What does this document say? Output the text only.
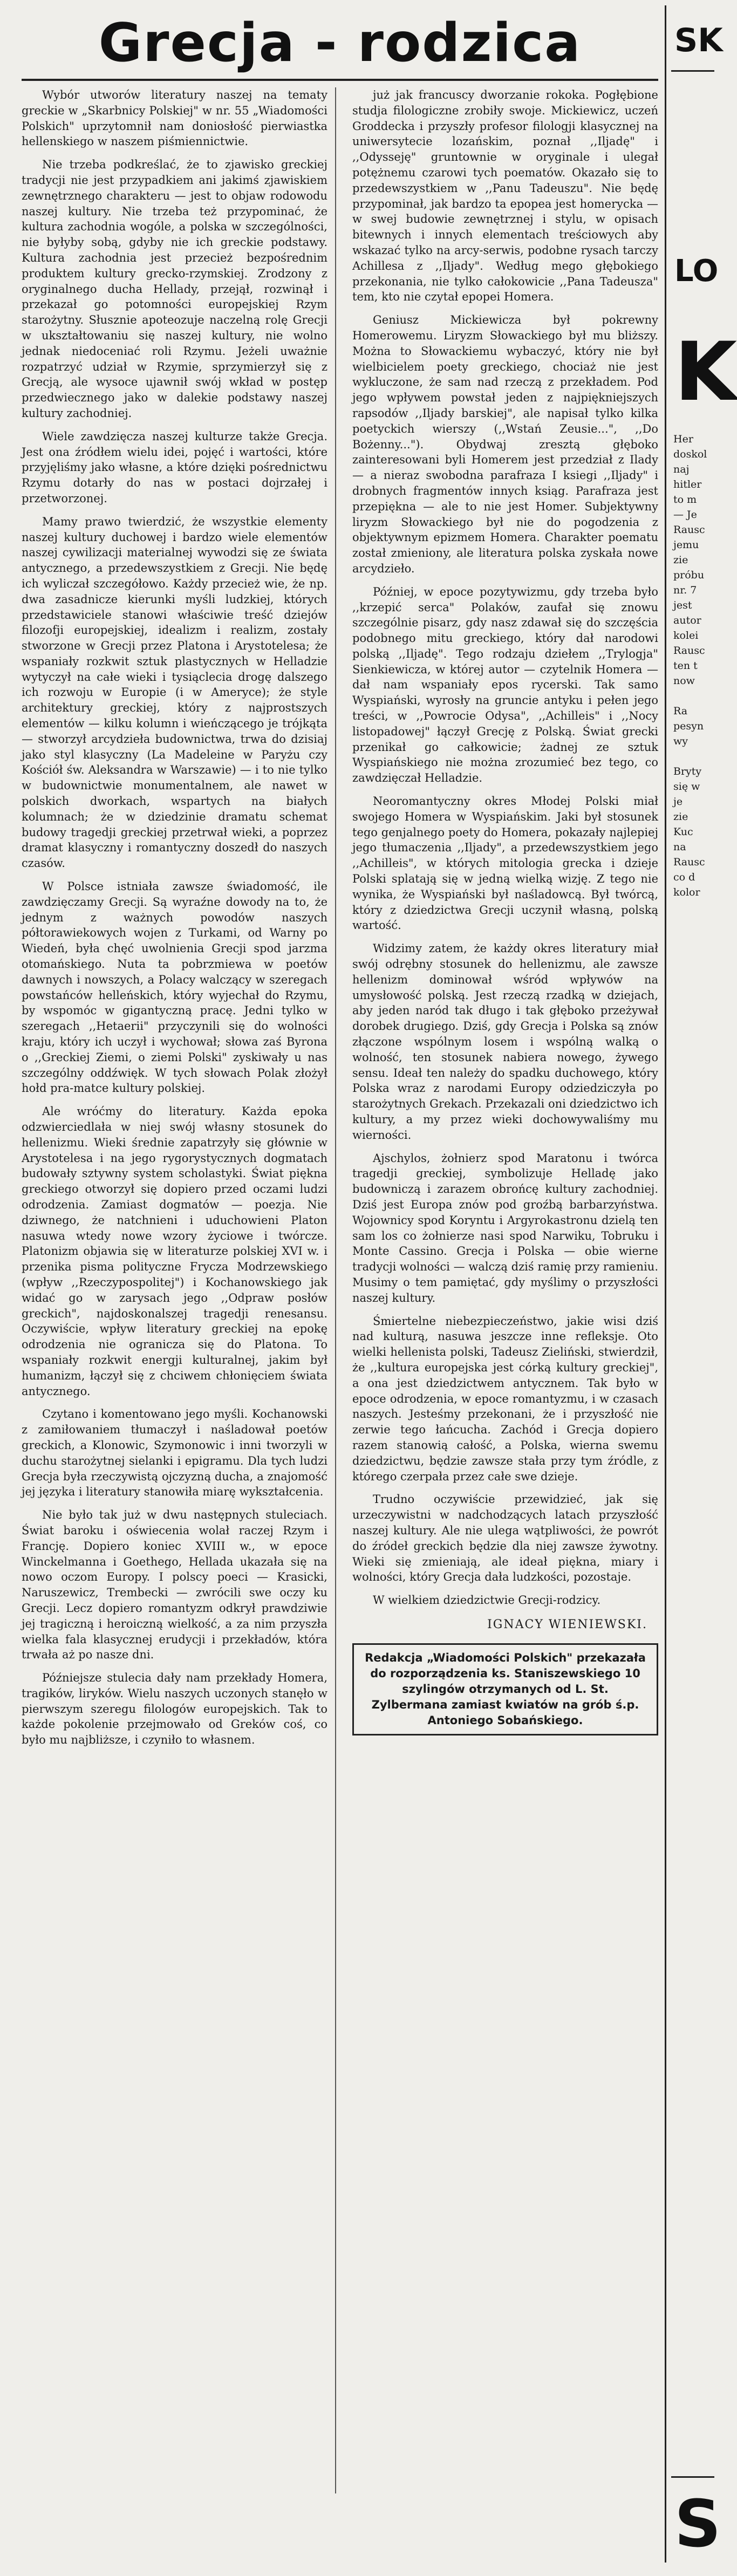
Grecja - rodzica

Wybór utworów literatury naszej na tematy greckie w „Skarbnicy Polskiej" w nr. 55 „Wiadomości Polskich" uprzytomnił nam doniosłość pierwiastka hellenskiego w naszem piśmiennictwie.

Nie trzeba podkreślać, że to zjawisko greckiej tradycji nie jest przypadkiem ani jakimś zjawiskiem zewnętrznego charakteru — jest to objaw rodowodu naszej kultury. Nie trzeba też przypominać, że kultura zachodnia wogóle, a polska w szczególności, nie byłyby sobą, gdyby nie ich greckie podstawy. Kultura zachodnia jest przecież bezpośrednim produktem kultury grecko-rzymskiej. Zrodzony z oryginalnego ducha Hellady, przejął, rozwinął i przekazał go potomności europejskiej Rzym starożytny. Słusznie apoteozuje naczelną rolę Grecji w ukształtowaniu się naszej kultury, nie wolno jednak niedoceniać roli Rzymu. Jeżeli uważnie rozpatrzyć udział w Rzymie, sprzymierzył się z Grecją, ale wysoce ujawnił swój wkład w postęp przedwiecznego jako w dalekie podstawy naszej kultury zachodniej.

Wiele zawdzięcza naszej kulturze także Grecja. Jest ona źródłem wielu idei, pojęć i wartości, które przyjęliśmy jako własne, a które dzięki pośrednictwu Rzymu dotarły do nas w postaci dojrzałej i przetworzonej.

Mamy prawo twierdzić, że wszystkie elementy naszej kultury duchowej i bardzo wiele elementów naszej cywilizacji materialnej wywodzi się ze świata antycznego, a przedewszystkiem z Grecji. Nie będę ich wyliczał szczegółowo. Każdy przecież wie, że np. dwa zasadnicze kierunki myśli ludzkiej, których przedstawiciele stanowi właściwie treść dziejów filozofji europejskiej, idealizm i realizm, zostały stworzone w Grecji przez Platona i Arystotelesa; że wspaniały rozkwit sztuk plastycznych w Helladzie wytyczył na całe wieki i tysiąclecia drogę dalszego ich rozwoju w Europie (i w Ameryce); że style architektury greckiej, który z najprostszych elementów — kilku kolumn i wieńczącego je trójkąta — stworzył arcydzieła budownictwa, trwa do dzisiaj jako styl klasyczny (La Madeleine w Paryżu czy Kościół św. Aleksandra w Warszawie) — i to nie tylko w budownictwie monumentalnem, ale nawet w polskich dworkach, wspartych na białych kolumnach; że w dziedzinie dramatu schemat budowy tragedji greckiej przetrwał wieki, a poprzez dramat klasyczny i romantyczny doszedł do naszych czasów.

W Polsce istniała zawsze świadomość, ile zawdzięczamy Grecji. Są wyraźne dowody na to, że jednym z ważnych powodów naszych półtorawiekowych wojen z Turkami, od Warny po Wiedeń, była chęć uwolnienia Grecji spod jarzma otomańskiego. Nuta ta pobrzmiewa w poetów dawnych i nowszych, a Polacy walczący w szeregach powstańców helleńskich, który wyjechał do Rzymu, by wspomóc w gigantyczną pracę. Jedni tylko w szeregach ,,Hetaerii" przyczynili się do wolności kraju, który ich uczył i wychował; słowa zaś Byrona o ,,Greckiej Ziemi, o ziemi Polski" zyskiwały u nas szczególny oddźwięk. W tych słowach Polak złożył hołd pra-matce kultury polskiej.

Ale wróćmy do literatury. Każda epoka odzwierciedlała w niej swój własny stosunek do hellenizmu. Wieki średnie zapatrzyły się głównie w Arystotelesa i na jego rygorystycznych dogmatach budowały sztywny system scholastyki. Świat piękna greckiego otworzył się dopiero przed oczami ludzi odrodzenia. Zamiast dogmatów — poezja. Nie dziwnego, że natchnieni i uduchowieni Platon nasuwa wtedy nowe wzory życiowe i twórcze. Platonizm objawia się w literaturze polskiej XVI w. i przenika pisma polityczne Frycza Modrzewskiego (wpływ ,,Rzeczypospolitej") i Kochanowskiego jak widać go w zarysach jego ,,Odpraw posłów greckich", najdoskonalszej tragedji renesansu. Oczywiście, wpływ literatury greckiej na epokę odrodzenia nie ogranicza się do Platona. To wspaniały rozkwit energji kulturalnej, jakim był humanizm, łączył się z chciwem chłonięciem świata antycznego.

Czytano i komentowano jego myśli. Kochanowski z zamiłowaniem tłumaczył i naśladował poetów greckich, a Klonowic, Szymonowic i inni tworzyli w duchu starożytnej sielanki i epigramu. Dla tych ludzi Grecja była rzeczywistą ojczyzną ducha, a znajomość jej języka i literatury stanowiła miarę wykształcenia.

Nie było tak już w dwu następnych stuleciach. Świat baroku i oświecenia wolał raczej Rzym i Francję. Dopiero koniec XVIII w., w epoce Winckelmanna i Goethego, Hellada ukazała się na nowo oczom Europy. I polscy poeci — Krasicki, Naruszewicz, Trembecki — zwrócili swe oczy ku Grecji. Lecz dopiero romantyzm odkrył prawdziwie jej tragiczną i heroiczną wielkość, a za nim przyszła wielka fala klasycznej erudycji i przekładów, która trwała aż po nasze dni.

Późniejsze stulecia dały nam przekłady Homera, tragików, liryków. Wielu naszych uczonych stanęło w pierwszym szeregu filologów europejskich. Tak to każde pokolenie przejmowało od Greków coś, co było mu najbliższe, i czyniło to własnem.

już jak francuscy dworzanie rokoka. Pogłębione studja filologiczne zrobiły swoje. Mickiewicz, uczeń Groddecka i przyszły profesor filologji klasycznej na uniwersytecie lozańskim, poznał ,,Iljadę" i ,,Odysseję" gruntownie w oryginale i ulegał potężnemu czarowi tych poematów. Okazało się to przedewszystkiem w ,,Panu Tadeuszu". Nie będę przypominał, jak bardzo ta epopea jest homerycka — w swej budowie zewnętrznej i stylu, w opisach bitewnych i innych elementach treściowych aby wskazać tylko na arcy-serwis, podobne rysach tarczy Achillesa z ,,Iljady". Według mego głębokiego przekonania, nie tylko całokowicie ,,Pana Tadeusza" tem, kto nie czytał epopei Homera.

Geniusz Mickiewicza był pokrewny Homerowemu. Liryzm Słowackiego był mu bliższy. Można to Słowackiemu wybaczyć, który nie był wielbicielem poety greckiego, chociaż nie jest wykluczone, że sam nad rzeczą z przekładem. Pod jego wpływem powstał jeden z najpiękniejszych rapsodów ,,Iljady barskiej", ale napisał tylko kilka poetyckich wierszy (,,Wstań Zeusie...", ,,Do Bożenny..."). Obydwaj zresztą głęboko zainteresowani byli Homerem jest przedział z Ilady — a nieraz swobodna parafraza I ksiegi ,,Iljady" i drobnych fragmentów innych ksiąg. Parafraza jest przepiękna — ale to nie jest Homer. Subjektywny liryzm Słowackiego był nie do pogodzenia z objektywnym epizmem Homera. Charakter poematu został zmieniony, ale literatura polska zyskała nowe arcydzieło.

Później, w epoce pozytywizmu, gdy trzeba było ,,krzepić serca" Polaków, zaufał się znowu szczególnie pisarz, gdy nasz zdawał się do szczęścia podobnego mitu greckiego, który dał narodowi polską ,,Iljadę". Tego rodzaju dziełem ,,Trylogja" Sienkiewicza, w której autor — czytelnik Homera — dał nam wspaniały epos rycerski. Tak samo Wyspiański, wyrosły na gruncie antyku i pełen jego treści, w ,,Powrocie Odysa", ,,Achilleis" i ,,Nocy listopadowej" łączył Grecję z Polską. Świat grecki przenikał go całkowicie; żadnej ze sztuk Wyspiańskiego nie można zrozumieć bez tego, co zawdzięczał Helladzie.

Neoromantyczny okres Młodej Polski miał swojego Homera w Wyspiańskim. Jaki był stosunek tego genjalnego poety do Homera, pokazały najlepiej jego tłumaczenia ,,Iljady", a przedewszystkiem jego ,,Achilleis", w których mitologia grecka i dzieje Polski splatają się w jedną wielką wizję. Z tego nie wynika, że Wyspiański był naśladowcą. Był twórcą, który z dziedzictwa Grecji uczynił własną, polską wartość.

Widzimy zatem, że każdy okres literatury miał swój odrębny stosunek do hellenizmu, ale zawsze hellenizm dominował wśród wpływów na umysłowość polską. Jest rzeczą rzadką w dziejach, aby jeden naród tak długo i tak głęboko przeżywał dorobek drugiego. Dziś, gdy Grecja i Polska są znów złączone wspólnym losem i wspólną walką o wolność, ten stosunek nabiera nowego, żywego sensu. Ideał ten należy do spadku duchowego, który Polska wraz z narodami Europy odziedziczyła po starożytnych Grekach. Przekazali oni dziedzictwo ich kultury, a my przez wieki dochowywaliśmy mu wierności.

Ajschylos, żołnierz spod Maratonu i twórca tragedji greckiej, symbolizuje Helladę jako budowniczą i zarazem obrońcę kultury zachodniej. Dziś jest Europa znów pod groźbą barbarzyństwa. Wojownicy spod Koryntu i Argyrokastronu dzielą ten sam los co żołnierze nasi spod Narwiku, Tobruku i Monte Cassino. Grecja i Polska — obie wierne tradycji wolności — walczą dziś ramię przy ramieniu. Musimy o tem pamiętać, gdy myślimy o przyszłości naszej kultury.

Śmiertelne niebezpieczeństwo, jakie wisi dziś nad kulturą, nasuwa jeszcze inne refleksje. Oto wielki hellenista polski, Tadeusz Zieliński, stwierdził, że ,,kultura europejska jest córką kultury greckiej", a ona jest dziedzictwem antycznem. Tak było w epoce odrodzenia, w epoce romantyzmu, i w czasach naszych. Jesteśmy przekonani, że i przyszłość nie zerwie tego łańcucha. Zachód i Grecja dopiero razem stanowią całość, a Polska, wierna swemu dziedzictwu, będzie zawsze stała przy tym źródle, z którego czerpała przez całe swe dzieje.

Trudno oczywiście przewidzieć, jak się urzeczywistni w nadchodzących latach przyszłość naszej kultury. Ale nie ulega wątpliwości, że powrót do źródeł greckich będzie dla niej zawsze żywotny. Wieki się zmieniają, ale ideał piękna, miary i wolności, który Grecja dała ludzkości, pozostaje.

W wielkiem dziedzictwie Grecji-rodzicy.

IGNACY WIENIEWSKI.
Redakcja „Wiadomości Polskich" przekazała do rozporządzenia ks. Staniszewskiego 10 szylingów otrzymanych od L. St. Zylbermana zamiast kwiatów na grób ś.p. Antoniego Sobańskiego.
SK
LO
K
Her
doskol
naj
hitler
to m
— Je
Rausc
jemu
zie
próbu
nr. 7
jest
autor
kolei
Rausc
ten t
now

Ra
pesyn
wy

Bryty
się w
je
zie
Kuc
na
Rausc
co d
kolor
S
